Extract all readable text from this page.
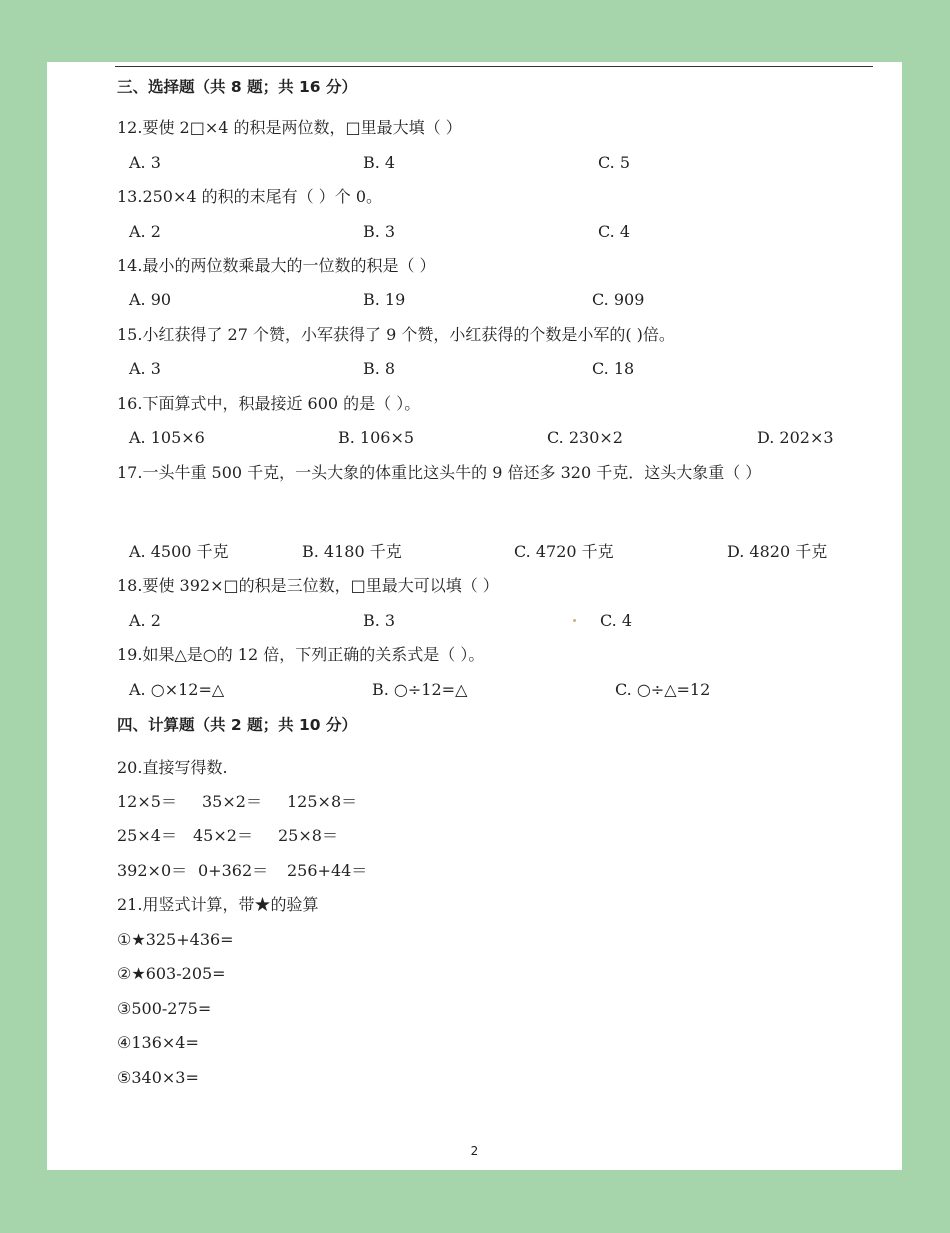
三、选择题（共 8 题；共 16 分）
12.要使 2□×4 的积是两位数，□里最大填（ ）
A. 3	B. 4	C. 5
13.250×4 的积的末尾有（ ）个 0。
A. 2	B. 3	C. 4
14.最小的两位数乘最大的一位数的积是（ ）
A. 90	B. 19	C. 909
15.小红获得了 27 个赞，小军获得了 9 个赞，小红获得的个数是小军的( )倍。
A. 3	B. 8	C. 18
16.下面算式中，积最接近 600 的是（ ）。
A. 105×6	B. 106×5	C. 230×2	D. 202×3
17.一头牛重 500 千克，一头大象的体重比这头牛的 9 倍还多 320 千克．这头大象重（ ）
A. 4500 千克	B. 4180 千克	C. 4720 千克	D. 4820 千克
18.要使 392×□的积是三位数，□里最大可以填（ ）
A. 2	B. 3	C. 4
19.如果△是○的 12 倍，下列正确的关系式是（ ）。
A. ○×12=△	B. ○÷12=△	C. ○÷△=12
四、计算题（共 2 题；共 10 分）
20.直接写得数.
12×5＝ 35×2＝ 125×8＝
25×4＝ 45×2＝ 25×8＝
392×0＝ 0+362＝ 256+44＝
21.用竖式计算，带★的验算
①★325+436=
②★603-205=
③500-275=
④136×4=
⑤340×3=
2
